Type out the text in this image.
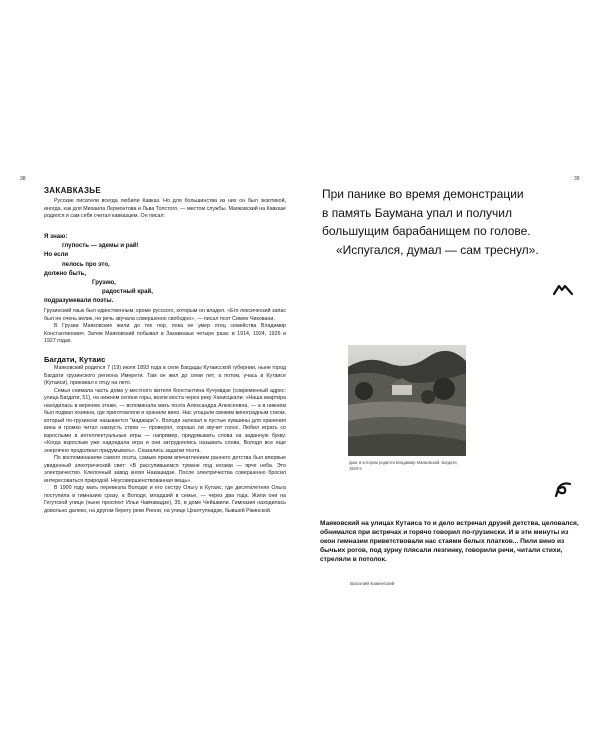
38
ЗАКАВКАЗЬЕ

Русские писатели всегда любили Кавказ. Но для большинства из них он был экзотикой, иногда, как для Михаила Лермонтова и Льва Толстого, — местом службы. Маяковский на Кавказе родился и сам себя считал кавказцем. Он писал:

Я знаю:
глупость — эдемы и рай!
Но если
пелось про это,
должно быть,
Грузию,
радостный край,
подразумевали поэты.

Грузинский язык был единственным, кроме русского, которым он владел. «Его лексический запас был не очень велик, но речь звучала совершенно свободно», — писал поэт Симон Чиковани.

В Грузии Маяковские жили до тех пор, пока не умер отец семейства Владимир Константинович. Затем Маяковский побывал в Закавказье четыре раза: в 1914, 1924, 1926 и 1927 годах.

Багдати, Кутаис

Маяковский родился 7 (19) июля 1893 года в селе Багдады Кутаисской губернии, ныне город Багдати грузинского региона Имерети. Там он жил до семи лет, а потом, учась в Кутаисе (Кутаиси), приезжал к отцу на лето.

Семья снимала часть дома у местного жителя Константина Кучуквдзе (современный адрес: улица Багдати, 51), на нижнем склоне горы, возле моста через реку Ханисцкали. «Наша квартира находилась в верхнем этаже, — вспоминала мать поэта Александра Алексеевна, — а в нижнем был подвал хозяина, где приготовляли и хранили вино. Нас угощали свежим виноградным соком, который по-грузински называется "маджари"». Володя залезал в пустые кувшины для хранения вина и громко читал наизусть стихи — проверял, хорошо ли звучит голос. Любил играть со взрослыми в интеллектуальные игры — например, придумывать слова на заданную букву. «Когда взрослым уже надоедала игра и они затруднялись называть слова, Володя все еще энергично продолжал придумывать». Сказались задатки поэта.

По воспоминаниям самого поэта, самым ярким впечатлением раннего детства был впервые увиденный электрический свет: «В рассупившемся тумане под ногами — ярче неба. Это электричество. Клепочный завод князя Накашидзе. После электричества совершенно бросил интересоваться природой. Неусовершенствованная вещь».

В 1900 году мать перевезла Володю и его сестру Ольгу в Кутаис, где десятилетняя Ольга поступила в гимназию сразу, а Володя, младший в семье, — через два года. Жили они на Гегутской улице (ныне проспект Ильи Чавчавадзе), 35, в доме Чейшвили. Гимназия находилась довольно далеко, на другом берегу реки Риони, на улице Цхалтупнадзе, бывшей Ржинской.

39
При панике во время демонстрации
в память Баумана упал и получил
большущим барабанищем по голове.
«Испугался, думал — сам треснул».
Дом, в котором родился Владимир Маяковский. Багдати, 1920-е
Маяковский на улицах Кутаиса то и дело встречал друзей детства, целовался, обнимался при встречах и горячо говорил по-грузински. И в эти минуты из окон гимназии приветствовали нас стаями белых платков... Пили вино из бычьих рогов, под зурну плясали лезгинку, говорили речи, читали стихи, стреляли в потолок.
Василий Каменский
